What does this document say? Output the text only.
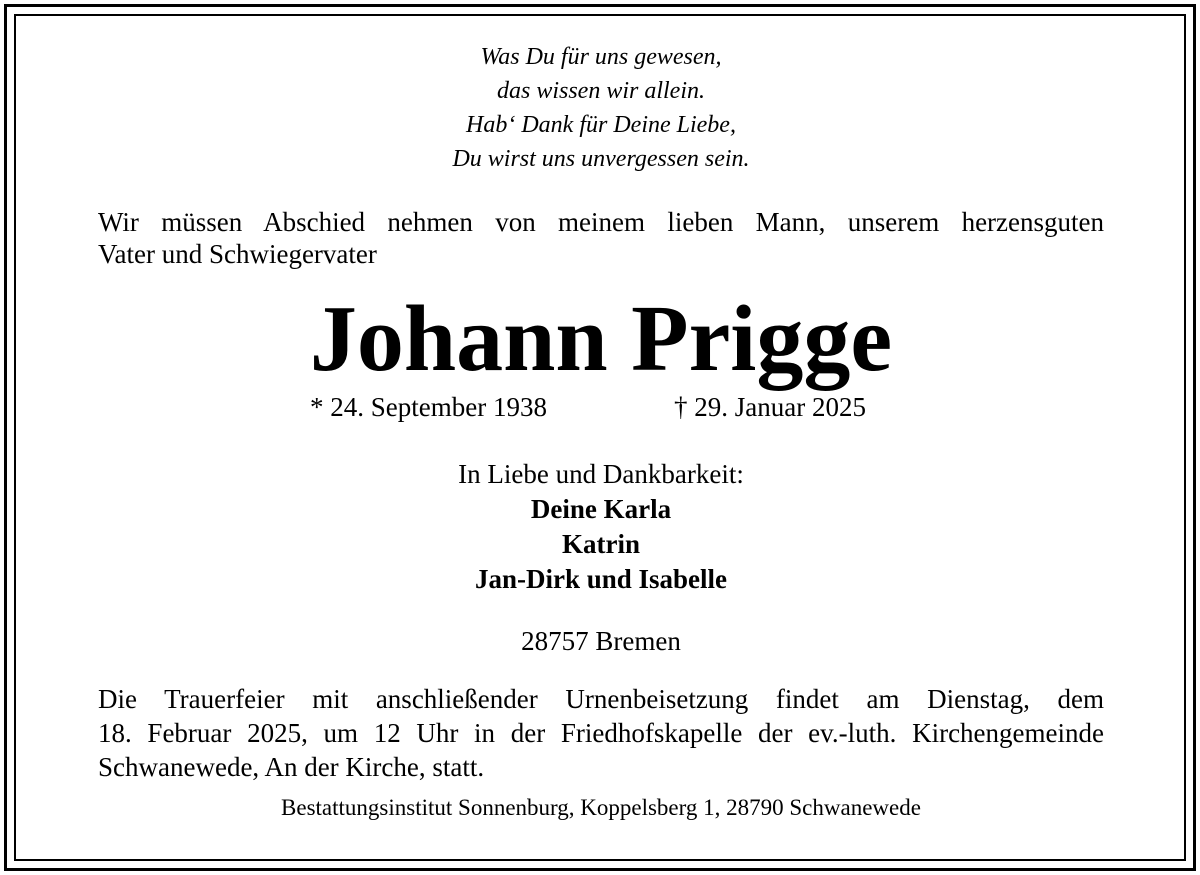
Was Du für uns gewesen,
das wissen wir allein.
Hab‘ Dank für Deine Liebe,
Du wirst uns unvergessen sein.
Wir müssen Abschied nehmen von meinem lieben Mann, unserem herzensguten
Vater und Schwiegervater
Johann Prigge
* 24. September 1938	† 29. Januar 2025
In Liebe und Dankbarkeit:
Deine Karla
Katrin
Jan-Dirk und Isabelle
28757 Bremen
Die Trauerfeier mit anschließender Urnenbeisetzung findet am Dienstag, dem
18. Februar 2025, um 12 Uhr in der Friedhofskapelle der ev.-luth. Kirchengemeinde
Schwanewede, An der Kirche, statt.
Bestattungsinstitut Sonnenburg, Koppelsberg 1, 28790 Schwanewede
